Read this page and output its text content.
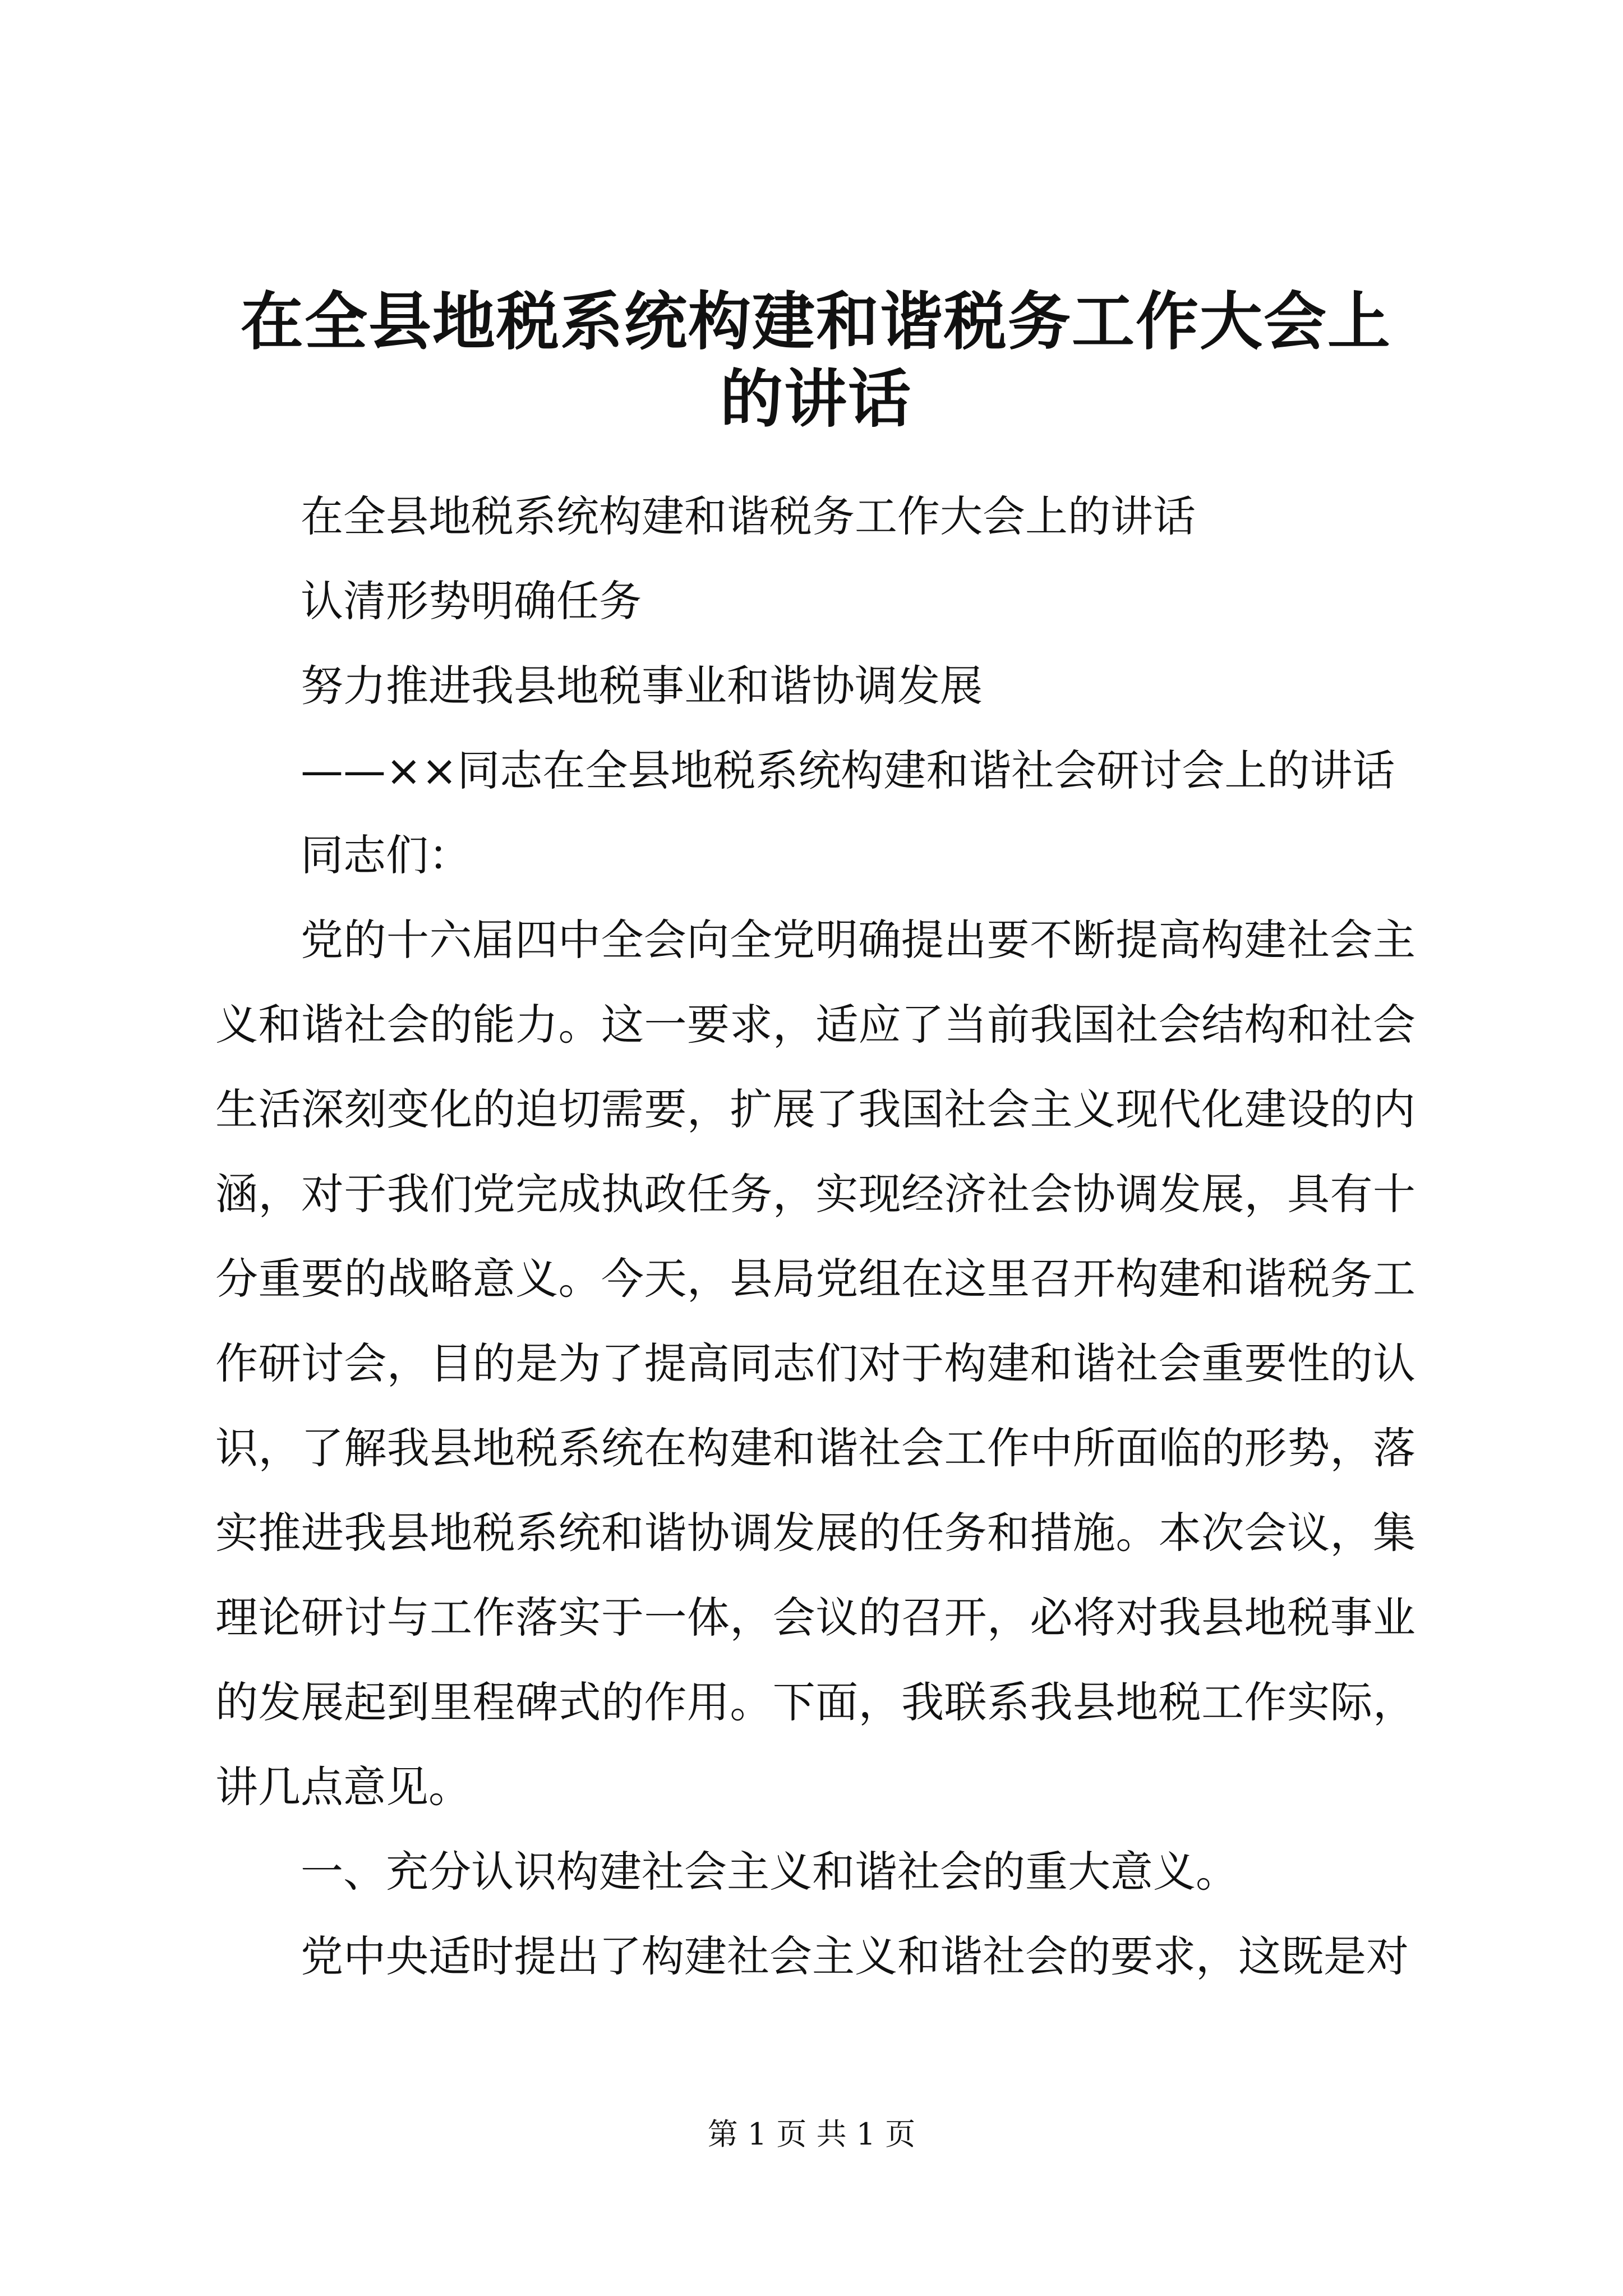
在全县地税系统构建和谐税务工作大会上的讲话

在全县地税系统构建和谐税务工作大会上的讲话

认清形势明确任务

努力推进我县地税事业和谐协调发展

——××同志在全县地税系统构建和谐社会研讨会上的讲话

同志们：

党的十六届四中全会向全党明确提出要不断提高构建社会主义和谐社会的能力。这一要求，适应了当前我国社会结构和社会生活深刻变化的迫切需要，扩展了我国社会主义现代化建设的内涵，对于我们党完成执政任务，实现经济社会协调发展，具有十分重要的战略意义。今天，县局党组在这里召开构建和谐税务工作研讨会，目的是为了提高同志们对于构建和谐社会重要性的认识，了解我县地税系统在构建和谐社会工作中所面临的形势，落实推进我县地税系统和谐协调发展的任务和措施。本次会议，集理论研讨与工作落实于一体，会议的召开，必将对我县地税事业的发展起到里程碑式的作用。下面，我联系我县地税工作实际，讲几点意见。

一、充分认识构建社会主义和谐社会的重大意义。

党中央适时提出了构建社会主义和谐社会的要求，这既是对

第 1 页 共 1 页
